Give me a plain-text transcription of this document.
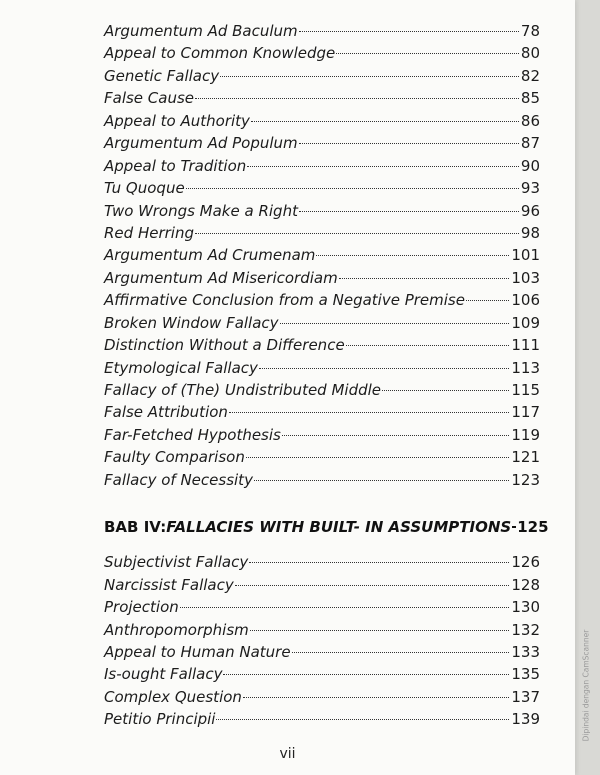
Argumentum Ad Baculum	78
Appeal to Common Knowledge	80
Genetic Fallacy	82
False Cause	85
Appeal to Authority	86
Argumentum Ad Populum	87
Appeal to Tradition	90
Tu Quoque	93
Two Wrongs Make a Right	96
Red Herring	98
Argumentum Ad Crumenam	101
Argumentum Ad Misericordiam	103
Affirmative Conclusion from a Negative Premise	106
Broken Window Fallacy	109
Distinction Without a Difference	111
Etymological Fallacy	113
Fallacy of (The) Undistributed Middle	115
False Attribution	117
Far-Fetched Hypothesis	119
Faulty Comparison	121
Fallacy of Necessity	123
BAB IV: FALLACIES WITH BUILT- IN ASSUMPTIONS 125
Subjectivist Fallacy	126
Narcissist Fallacy	128
Projection	130
Anthropomorphism	132
Appeal to Human Nature	133
Is-ought Fallacy	135
Complex Question	137
Petitio Principii	139
vii
Dipindai dengan CamScanner
